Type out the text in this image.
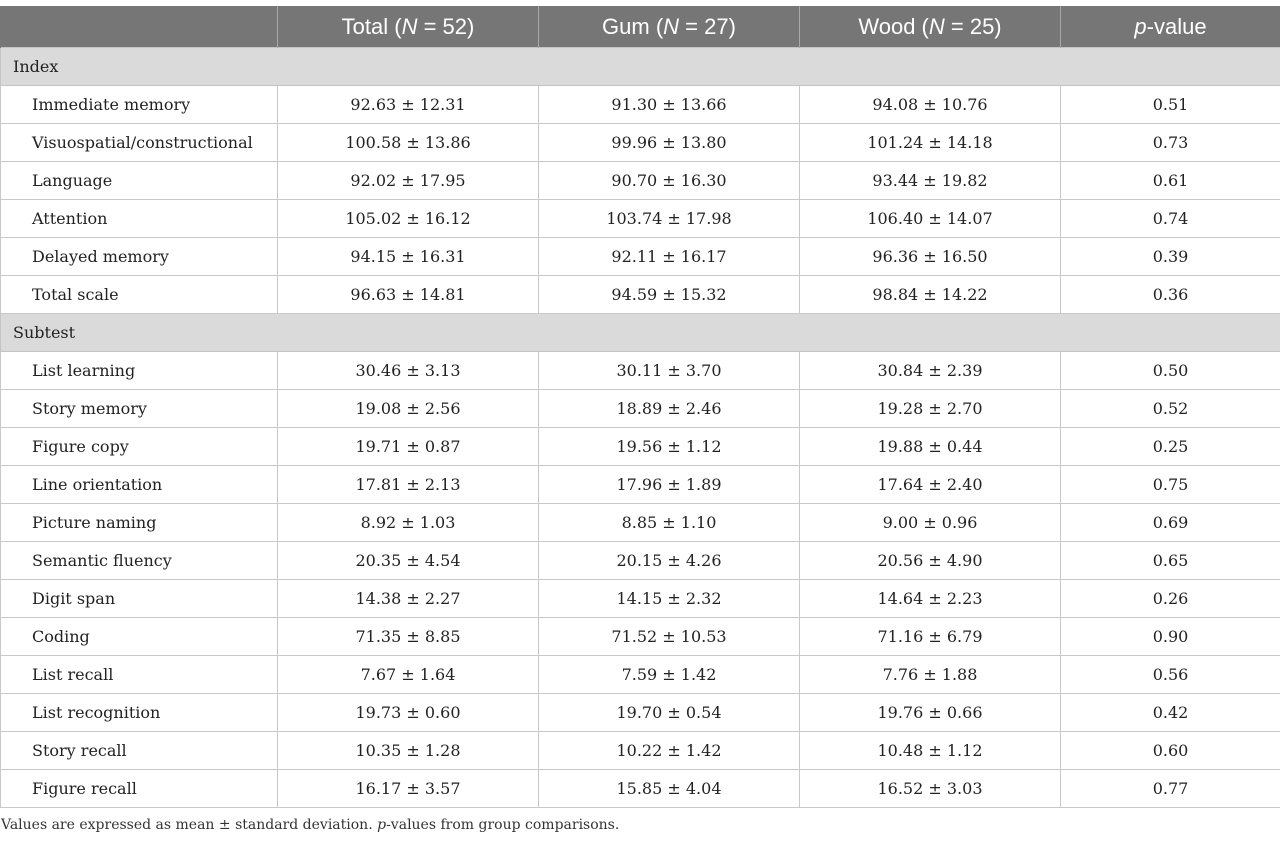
	Total (N = 52)	Gum (N = 27)	Wood (N = 25)	p-value
Index				
Immediate memory	92.63 ± 12.31	91.30 ± 13.66	94.08 ± 10.76	0.51
Visuospatial/constructional	100.58 ± 13.86	99.96 ± 13.80	101.24 ± 14.18	0.73
Language	92.02 ± 17.95	90.70 ± 16.30	93.44 ± 19.82	0.61
Attention	105.02 ± 16.12	103.74 ± 17.98	106.40 ± 14.07	0.74
Delayed memory	94.15 ± 16.31	92.11 ± 16.17	96.36 ± 16.50	0.39
Total scale	96.63 ± 14.81	94.59 ± 15.32	98.84 ± 14.22	0.36
Subtest				
List learning	30.46 ± 3.13	30.11 ± 3.70	30.84 ± 2.39	0.50
Story memory	19.08 ± 2.56	18.89 ± 2.46	19.28 ± 2.70	0.52
Figure copy	19.71 ± 0.87	19.56 ± 1.12	19.88 ± 0.44	0.25
Line orientation	17.81 ± 2.13	17.96 ± 1.89	17.64 ± 2.40	0.75
Picture naming	8.92 ± 1.03	8.85 ± 1.10	9.00 ± 0.96	0.69
Semantic fluency	20.35 ± 4.54	20.15 ± 4.26	20.56 ± 4.90	0.65
Digit span	14.38 ± 2.27	14.15 ± 2.32	14.64 ± 2.23	0.26
Coding	71.35 ± 8.85	71.52 ± 10.53	71.16 ± 6.79	0.90
List recall	7.67 ± 1.64	7.59 ± 1.42	7.76 ± 1.88	0.56
List recognition	19.73 ± 0.60	19.70 ± 0.54	19.76 ± 0.66	0.42
Story recall	10.35 ± 1.28	10.22 ± 1.42	10.48 ± 1.12	0.60
Figure recall	16.17 ± 3.57	15.85 ± 4.04	16.52 ± 3.03	0.77
Values are expressed as mean ± standard deviation. p-values from group comparisons.
